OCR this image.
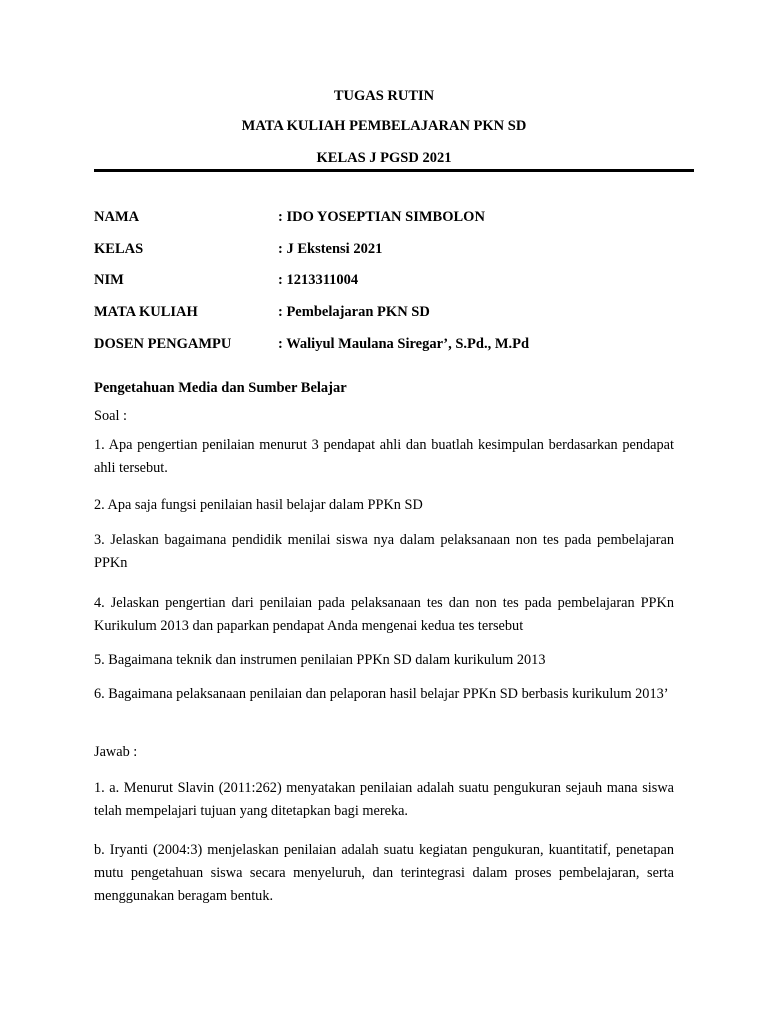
TUGAS RUTIN
MATA KULIAH PEMBELAJARAN PKN SD
KELAS J PGSD 2021
NAMA	: IDO YOSEPTIAN SIMBOLON
KELAS	: J Ekstensi 2021
NIM	: 1213311004
MATA KULIAH	: Pembelajaran PKN SD
DOSEN PENGAMPU	: Waliyul Maulana Siregar’, S.Pd., M.Pd
Pengetahuan Media dan Sumber Belajar
Soal :
1. Apa pengertian penilaian menurut 3 pendapat ahli dan buatlah kesimpulan berdasarkan pendapat ahli tersebut.
2. Apa saja fungsi penilaian hasil belajar dalam PPKn SD
3. Jelaskan bagaimana pendidik menilai siswa nya dalam pelaksanaan non tes pada pembelajaran PPKn
4. Jelaskan pengertian dari penilaian pada pelaksanaan tes dan non tes pada pembelajaran PPKn Kurikulum 2013 dan paparkan pendapat Anda mengenai kedua tes tersebut
5. Bagaimana teknik dan instrumen penilaian PPKn SD dalam kurikulum 2013
6. Bagaimana pelaksanaan penilaian dan pelaporan hasil belajar PPKn SD berbasis kurikulum 2013’
Jawab :
1. a. Menurut Slavin (2011:262) menyatakan penilaian adalah suatu pengukuran sejauh mana siswa telah mempelajari tujuan yang ditetapkan bagi mereka.
b. Iryanti (2004:3) menjelaskan penilaian adalah suatu kegiatan pengukuran, kuantitatif, penetapan mutu pengetahuan siswa secara menyeluruh, dan terintegrasi dalam proses pembelajaran, serta menggunakan beragam bentuk.
